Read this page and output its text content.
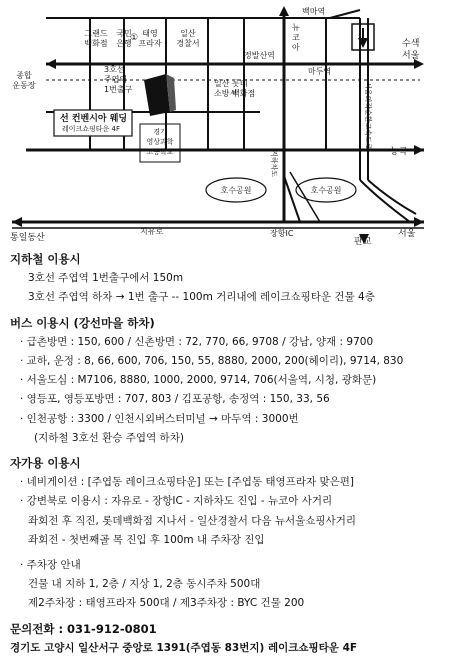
그랜드 백화점
국민 은행
태영 프라자
일산 경찰서
백마역
뉴 코 아	수색 서울
종합 운동장
3호선
주엽역
1번출구
①
일산 소방서
롯데 백화점
정발산역
마두역
경기 영상과학 고등학교	능곡
호수공원	호수공원
통일동산
지유로	장항IC
판교
서울
서울외곽순환고속도로
지하차도
선 컨벤시아 웨딩
레이크쇼핑타운 4F
지하철 이용시
3호선 주엽역 1번출구에서 150m
3호선 주엽역 하차 → 1번 출구 -- 100m 거리내에 레이크쇼핑타운 건물 4층
버스 이용시 (강선마을 하차)
· 급촌방면 : 150, 600 / 신촌방면 : 72, 770, 66, 9708 / 강남, 양재 : 9700
· 교하, 운정 : 8, 66, 600, 706, 150, 55, 8880, 2000, 200(헤이리), 9714, 830
· 서울도심 : M7106, 8880, 1000, 2000, 9714, 706(서울역, 시청, 광화문)
· 영등포, 영등포방면 : 707, 803 / 김포공항, 송정역 : 150, 33, 56
· 인천공항 : 3300 / 인천시외버스터미널 → 마두역 : 3000번
(지하철 3호선 환승 주엽역 하차)
자가용 이용시
· 네비게이션 : [주엽동 레이크쇼핑타운] 또는 [주엽동 태영프라자 맞은편]
· 강변북로 이용시 : 자유로 - 장항IC - 지하차도 진입 - 뉴코아 사거리
좌회전 후 직진, 롯데백화점 지나서 - 일산경찰서 다음 뉴서울쇼핑사거리
좌회전 - 첫번째골 목 진입 후 100m 내 주차장 진입
· 주차장 안내
건물 내 지하 1, 2층 / 지상 1, 2층 동시주차 500대
제2주차장 : 태영프라자 500대 / 제3주차장 : BYC 건물 200
문의전화 : 031-912-0801
경기도 고양시 일산서구 중앙로 1391(주엽동 83번지) 레이크쇼핑타운 4F
